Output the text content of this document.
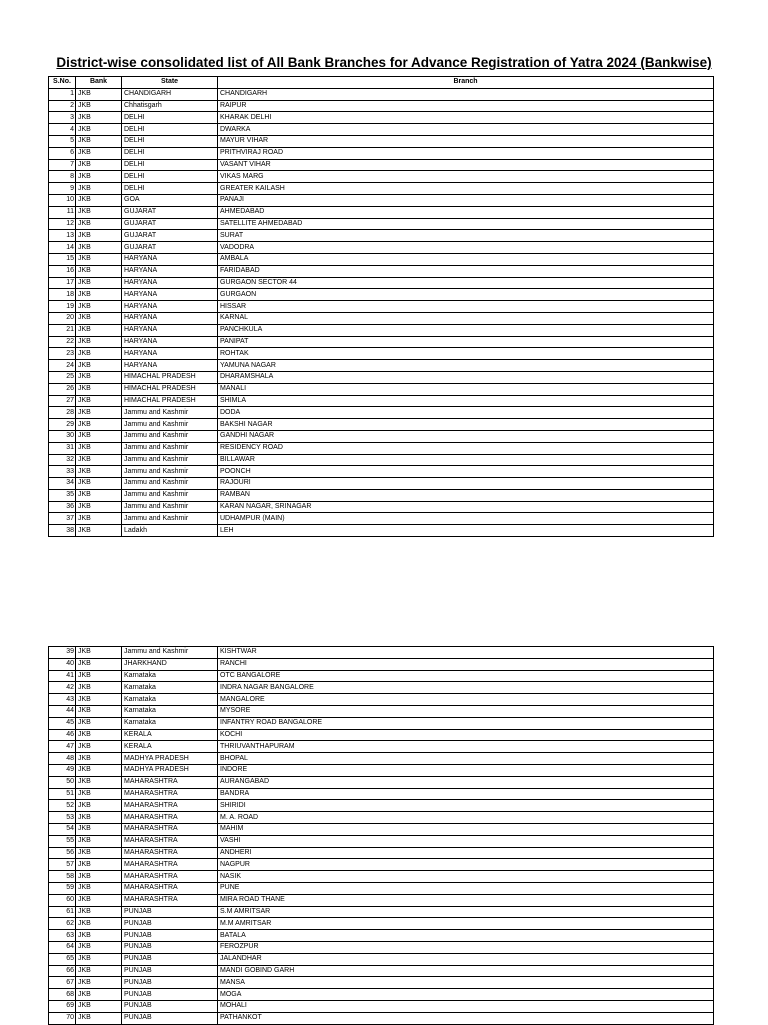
District-wise consolidated list of All Bank Branches for Advance Registration of Yatra 2024 (Bankwise)
S.No.	Bank	State	Branch
1	JKB	CHANDIGARH	CHANDIGARH
2	JKB	Chhatisgarh	RAIPUR
3	JKB	DELHI	KHARAK DELHI
4	JKB	DELHI	DWARKA
5	JKB	DELHI	MAYUR VIHAR
6	JKB	DELHI	PRITHVIRAJ ROAD
7	JKB	DELHI	VASANT VIHAR
8	JKB	DELHI	VIKAS MARG
9	JKB	DELHI	GREATER KAILASH
10	JKB	GOA	PANAJI
11	JKB	GUJARAT	AHMEDABAD
12	JKB	GUJARAT	SATELLITE AHMEDABAD
13	JKB	GUJARAT	SURAT
14	JKB	GUJARAT	VADODRA
15	JKB	HARYANA	AMBALA
16	JKB	HARYANA	FARIDABAD
17	JKB	HARYANA	GURGAON SECTOR 44
18	JKB	HARYANA	GURGAON
19	JKB	HARYANA	HISSAR
20	JKB	HARYANA	KARNAL
21	JKB	HARYANA	PANCHKULA
22	JKB	HARYANA	PANIPAT
23	JKB	HARYANA	ROHTAK
24	JKB	HARYANA	YAMUNA NAGAR
25	JKB	HIMACHAL PRADESH	DHARAMSHALA
26	JKB	HIMACHAL PRADESH	MANALI
27	JKB	HIMACHAL PRADESH	SHIMLA
28	JKB	Jammu and Kashmir	DODA
29	JKB	Jammu and Kashmir	BAKSHI NAGAR
30	JKB	Jammu and Kashmir	GANDHI NAGAR
31	JKB	Jammu and Kashmir	RESIDENCY ROAD
32	JKB	Jammu and Kashmir	BILLAWAR
33	JKB	Jammu and Kashmir	POONCH
34	JKB	Jammu and Kashmir	RAJOURI
35	JKB	Jammu and Kashmir	RAMBAN
36	JKB	Jammu and Kashmir	KARAN NAGAR, SRINAGAR
37	JKB	Jammu and Kashmir	UDHAMPUR (MAIN)
38	JKB	Ladakh	LEH
39	JKB	Jammu and Kashmir	KISHTWAR
40	JKB	JHARKHAND	RANCHI
41	JKB	Karnataka	OTC BANGALORE
42	JKB	Karnataka	INDRA NAGAR BANGALORE
43	JKB	Karnataka	MANGALORE
44	JKB	Karnataka	MYSORE
45	JKB	Karnataka	INFANTRY ROAD BANGALORE
46	JKB	KERALA	KOCHI
47	JKB	KERALA	THRIUVANTHAPURAM
48	JKB	MADHYA PRADESH	BHOPAL
49	JKB	MADHYA PRADESH	INDORE
50	JKB	MAHARASHTRA	AURANGABAD
51	JKB	MAHARASHTRA	BANDRA
52	JKB	MAHARASHTRA	SHIRIDI
53	JKB	MAHARASHTRA	M. A. ROAD
54	JKB	MAHARASHTRA	MAHIM
55	JKB	MAHARASHTRA	VASHI
56	JKB	MAHARASHTRA	ANDHERI
57	JKB	MAHARASHTRA	NAGPUR
58	JKB	MAHARASHTRA	NASIK
59	JKB	MAHARASHTRA	PUNE
60	JKB	MAHARASHTRA	MIRA ROAD THANE
61	JKB	PUNJAB	S.M AMRITSAR
62	JKB	PUNJAB	M.M AMRITSAR
63	JKB	PUNJAB	BATALA
64	JKB	PUNJAB	FEROZPUR
65	JKB	PUNJAB	JALANDHAR
66	JKB	PUNJAB	MANDI GOBIND GARH
67	JKB	PUNJAB	MANSA
68	JKB	PUNJAB	MOGA
69	JKB	PUNJAB	MOHALI
70	JKB	PUNJAB	PATHANKOT
